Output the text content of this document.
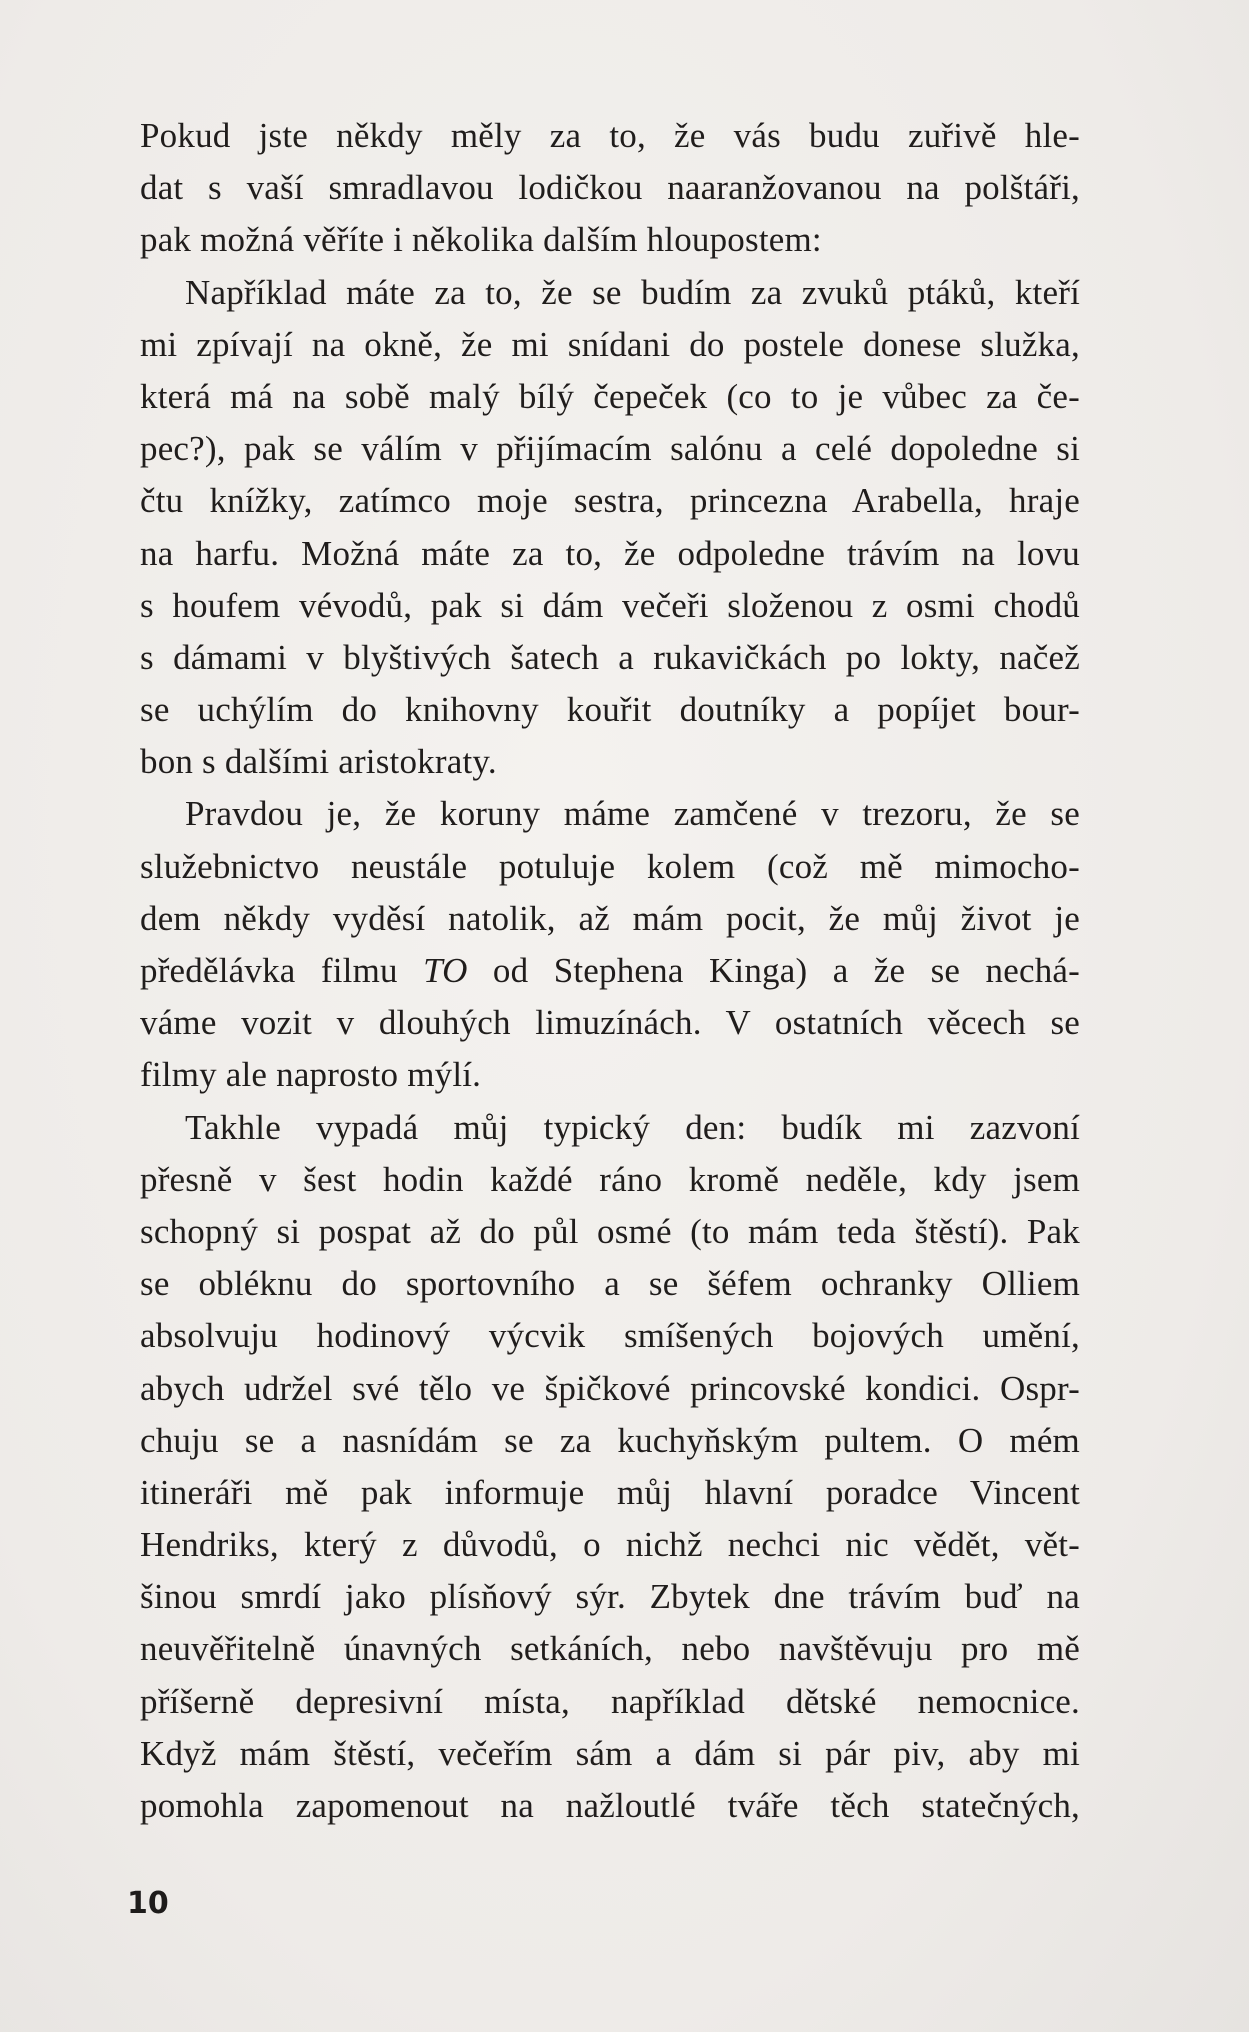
Pokud jste někdy měly za to, že vás budu zuřivě hle-
dat s vaší smradlavou lodičkou naaranžovanou na polštáři,
pak možná věříte i několika dalším hloupostem:
Například máte za to, že se budím za zvuků ptáků, kteří
mi zpívají na okně, že mi snídani do postele donese služka,
která má na sobě malý bílý čepeček (co to je vůbec za če-
pec?), pak se válím v přijímacím salónu a celé dopoledne si
čtu knížky, zatímco moje sestra, princezna Arabella, hraje
na harfu. Možná máte za to, že odpoledne trávím na lovu
s houfem vévodů, pak si dám večeři složenou z osmi chodů
s dámami v blyštivých šatech a rukavičkách po lokty, načež
se uchýlím do knihovny kouřit doutníky a popíjet bour-
bon s dalšími aristokraty.
Pravdou je, že koruny máme zamčené v trezoru, že se
služebnictvo neustále potuluje kolem (což mě mimocho-
dem někdy vyděsí natolik, až mám pocit, že můj život je
předělávka filmu TO od Stephena Kinga) a že se nechá-
váme vozit v dlouhých limuzínách. V ostatních věcech se
filmy ale naprosto mýlí.
Takhle vypadá můj typický den: budík mi zazvoní
přesně v šest hodin každé ráno kromě neděle, kdy jsem
schopný si pospat až do půl osmé (to mám teda štěstí). Pak
se obléknu do sportovního a se šéfem ochranky Olliem
absolvuju hodinový výcvik smíšených bojových umění,
abych udržel své tělo ve špičkové princovské kondici. Ospr-
chuju se a nasnídám se za kuchyňským pultem. O mém
itineráři mě pak informuje můj hlavní poradce Vincent
Hendriks, který z důvodů, o nichž nechci nic vědět, vět-
šinou smrdí jako plísňový sýr. Zbytek dne trávím buď na
neuvěřitelně únavných setkáních, nebo navštěvuju pro mě
příšerně depresivní místa, například dětské nemocnice.
Když mám štěstí, večeřím sám a dám si pár piv, aby mi
pomohla zapomenout na nažloutlé tváře těch statečných,
10
